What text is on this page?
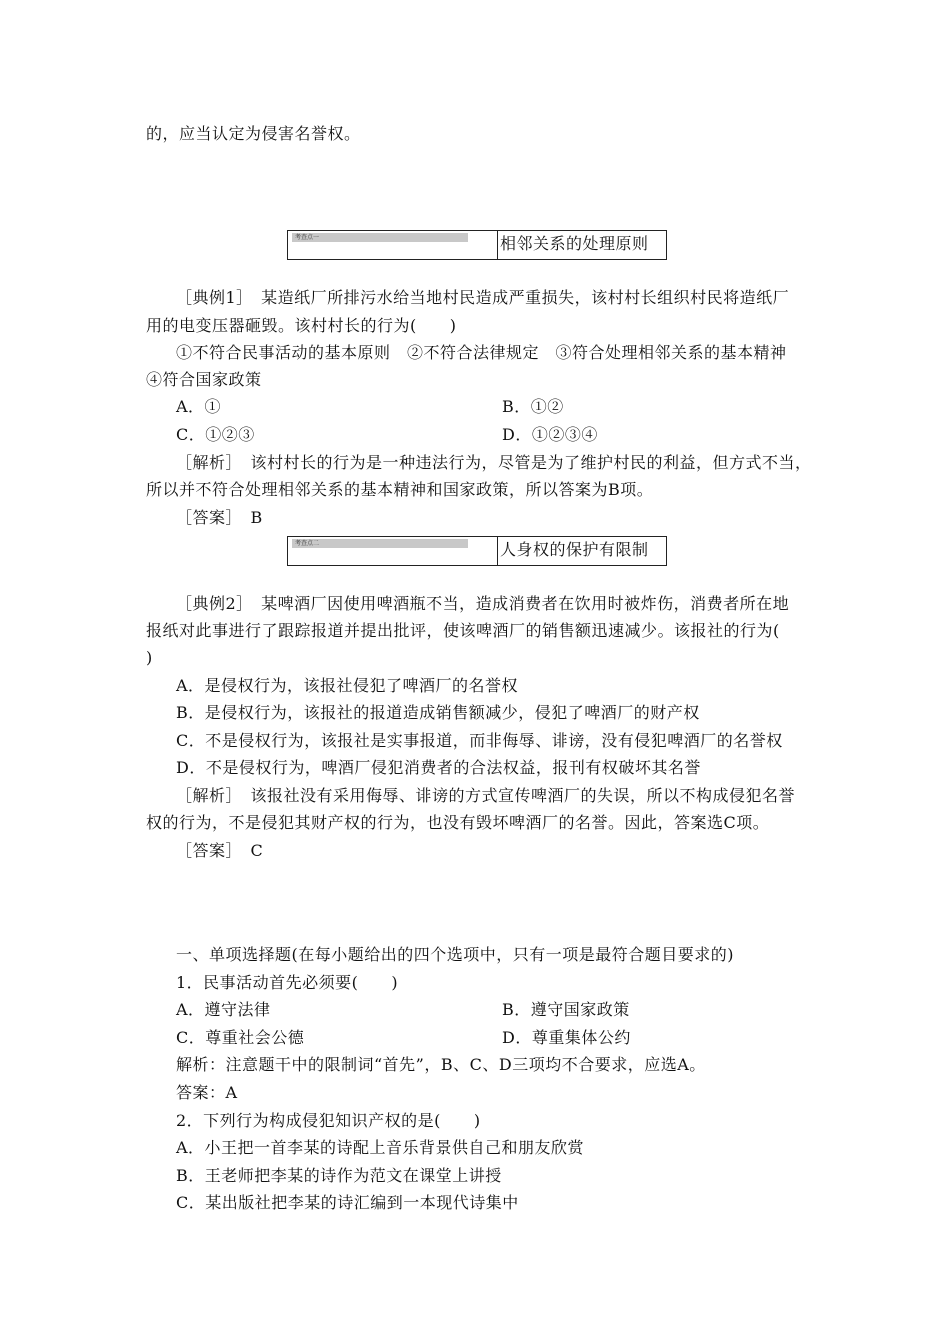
的，应当认定为侵害名誉权。
考查点一	相邻关系的处理原则
［典例1］　某造纸厂所排污水给当地村民造成严重损失，该村村长组织村民将造纸厂
用的电变压器砸毁。该村村长的行为(　　)
①不符合民事活动的基本原则　②不符合法律规定　③符合处理相邻关系的基本精神
④符合国家政策
A．①	B．①②
C．①②③	D．①②③④
［解析］　该村村长的行为是一种违法行为，尽管是为了维护村民的利益，但方式不当，
所以并不符合处理相邻关系的基本精神和国家政策，所以答案为B项。
［答案］　B
考查点二	人身权的保护有限制
［典例2］　某啤酒厂因使用啤酒瓶不当，造成消费者在饮用时被炸伤，消费者所在地
报纸对此事进行了跟踪报道并提出批评，使该啤酒厂的销售额迅速减少。该报社的行为(
)
A．是侵权行为，该报社侵犯了啤酒厂的名誉权
B．是侵权行为，该报社的报道造成销售额减少，侵犯了啤酒厂的财产权
C．不是侵权行为，该报社是实事报道，而非侮辱、诽谤，没有侵犯啤酒厂的名誉权
D．不是侵权行为，啤酒厂侵犯消费者的合法权益，报刊有权破坏其名誉
［解析］　该报社没有采用侮辱、诽谤的方式宣传啤酒厂的失误，所以不构成侵犯名誉
权的行为，不是侵犯其财产权的行为，也没有毁坏啤酒厂的名誉。因此，答案选C项。
［答案］　C
一、单项选择题(在每小题给出的四个选项中，只有一项是最符合题目要求的)
1．民事活动首先必须要(　　)
A．遵守法律	B．遵守国家政策
C．尊重社会公德	D．尊重集体公约
解析：注意题干中的限制词“首先”，B、C、D三项均不合要求，应选A。
答案：A
2．下列行为构成侵犯知识产权的是(　　)
A．小王把一首李某的诗配上音乐背景供自己和朋友欣赏
B．王老师把李某的诗作为范文在课堂上讲授
C．某出版社把李某的诗汇编到一本现代诗集中
